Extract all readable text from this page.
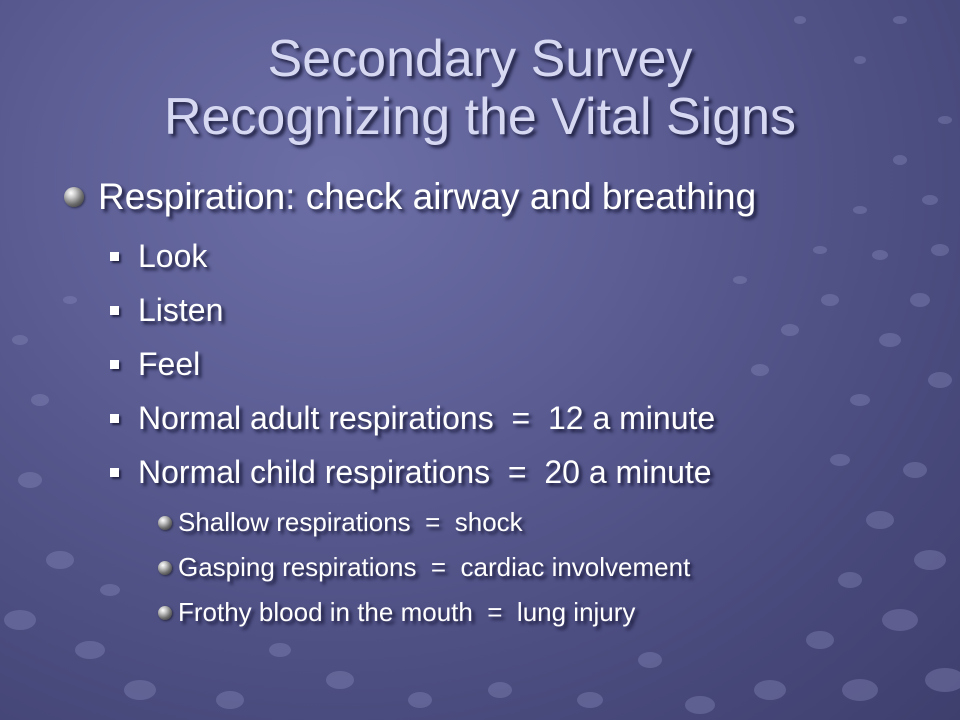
Secondary Survey
Recognizing the Vital Signs
Respiration: check airway and breathing
Look
Listen
Feel
Normal adult respirations  =  12 a minute
Normal child respirations  =  20 a minute
Shallow respirations  =  shock
Gasping respirations  =  cardiac involvement
Frothy blood in the mouth  =  lung injury
